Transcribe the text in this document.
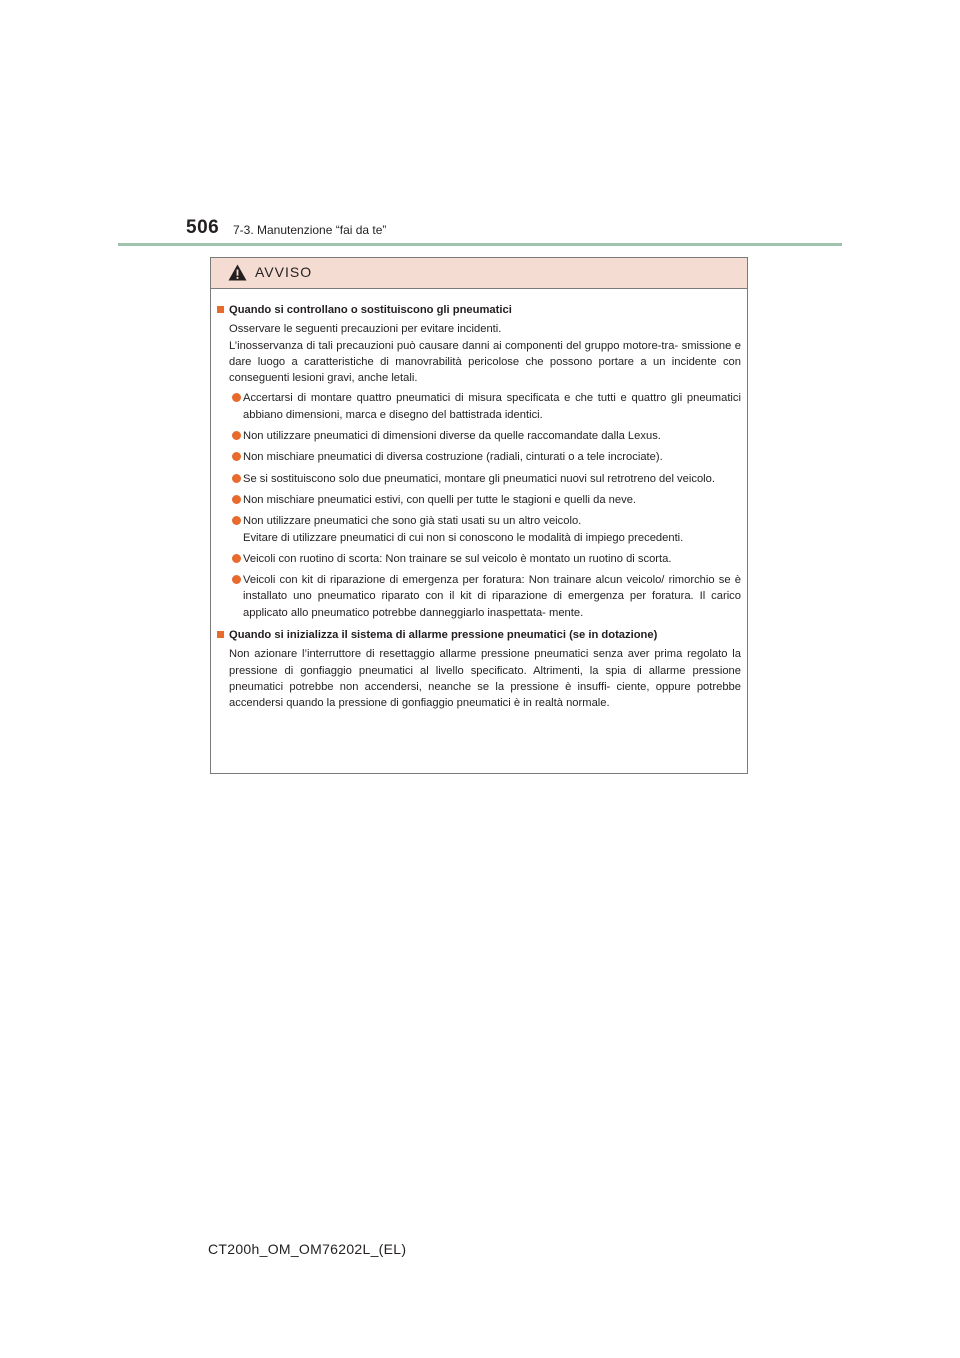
506 7-3. Manutenzione “fai da te”
AVVISO
Quando si controllano o sostituiscono gli pneumatici
Osservare le seguenti precauzioni per evitare incidenti.
L’inosservanza di tali precauzioni può causare danni ai componenti del gruppo motore-tra- smissione e dare luogo a caratteristiche di manovrabilità pericolose che possono portare a un incidente con conseguenti lesioni gravi, anche letali.
Accertarsi di montare quattro pneumatici di misura specificata e che tutti e quattro gli pneumatici abbiano dimensioni, marca e disegno del battistrada identici.
Non utilizzare pneumatici di dimensioni diverse da quelle raccomandate dalla Lexus.
Non mischiare pneumatici di diversa costruzione (radiali, cinturati o a tele incrociate).
Se si sostituiscono solo due pneumatici, montare gli pneumatici nuovi sul retrotreno del veicolo.
Non mischiare pneumatici estivi, con quelli per tutte le stagioni e quelli da neve.
Non utilizzare pneumatici che sono già stati usati su un altro veicolo.
Evitare di utilizzare pneumatici di cui non si conoscono le modalità di impiego precedenti.
Veicoli con ruotino di scorta: Non trainare se sul veicolo è montato un ruotino di scorta.
Veicoli con kit di riparazione di emergenza per foratura: Non trainare alcun veicolo/ rimorchio se è installato uno pneumatico riparato con il kit di riparazione di emergenza per foratura. Il carico applicato allo pneumatico potrebbe danneggiarlo inaspettata- mente.
Quando si inizializza il sistema di allarme pressione pneumatici (se in dotazione)
Non azionare l’interruttore di resettaggio allarme pressione pneumatici senza aver prima regolato la pressione di gonfiaggio pneumatici al livello specificato. Altrimenti, la spia di allarme pressione pneumatici potrebbe non accendersi, neanche se la pressione è insuffi- ciente, oppure potrebbe accendersi quando la pressione di gonfiaggio pneumatici è in realtà normale.
CT200h_OM_OM76202L_(EL)
